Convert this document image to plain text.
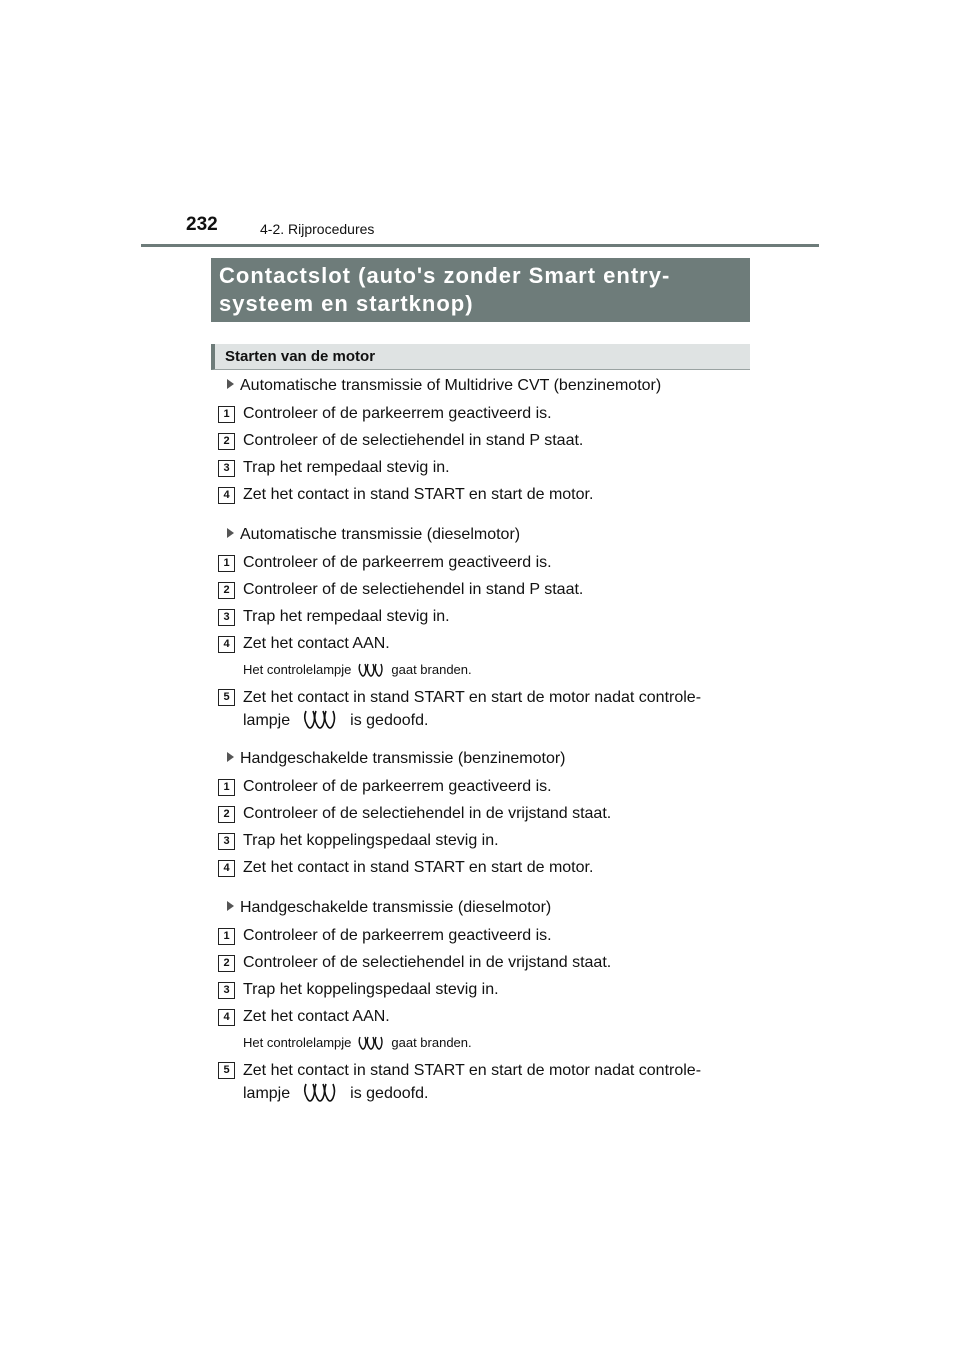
232	4-2. Rijprocedures
Contactslot (auto's zonder Smart entry-
systeem en startknop)
Starten van de motor
Automatische transmissie of Multidrive CVT (benzinemotor)
1 Controleer of de parkeerrem geactiveerd is.
2 Controleer of de selectiehendel in stand P staat.
3 Trap het rempedaal stevig in.
4 Zet het contact in stand START en start de motor.
Automatische transmissie (dieselmotor)
1 Controleer of de parkeerrem geactiveerd is.
2 Controleer of de selectiehendel in stand P staat.
3 Trap het rempedaal stevig in.
4 Zet het contact AAN.
Het controlelampje	gaat branden.
5 Zet het contact in stand START en start de motor nadat controle-
lampje	is gedoofd.
Handgeschakelde transmissie (benzinemotor)
1 Controleer of de parkeerrem geactiveerd is.
2 Controleer of de selectiehendel in de vrijstand staat.
3 Trap het koppelingspedaal stevig in.
4 Zet het contact in stand START en start de motor.
Handgeschakelde transmissie (dieselmotor)
1 Controleer of de parkeerrem geactiveerd is.
2 Controleer of de selectiehendel in de vrijstand staat.
3 Trap het koppelingspedaal stevig in.
4 Zet het contact AAN.
Het controlelampje	gaat branden.
5 Zet het contact in stand START en start de motor nadat controle-
lampje	is gedoofd.
